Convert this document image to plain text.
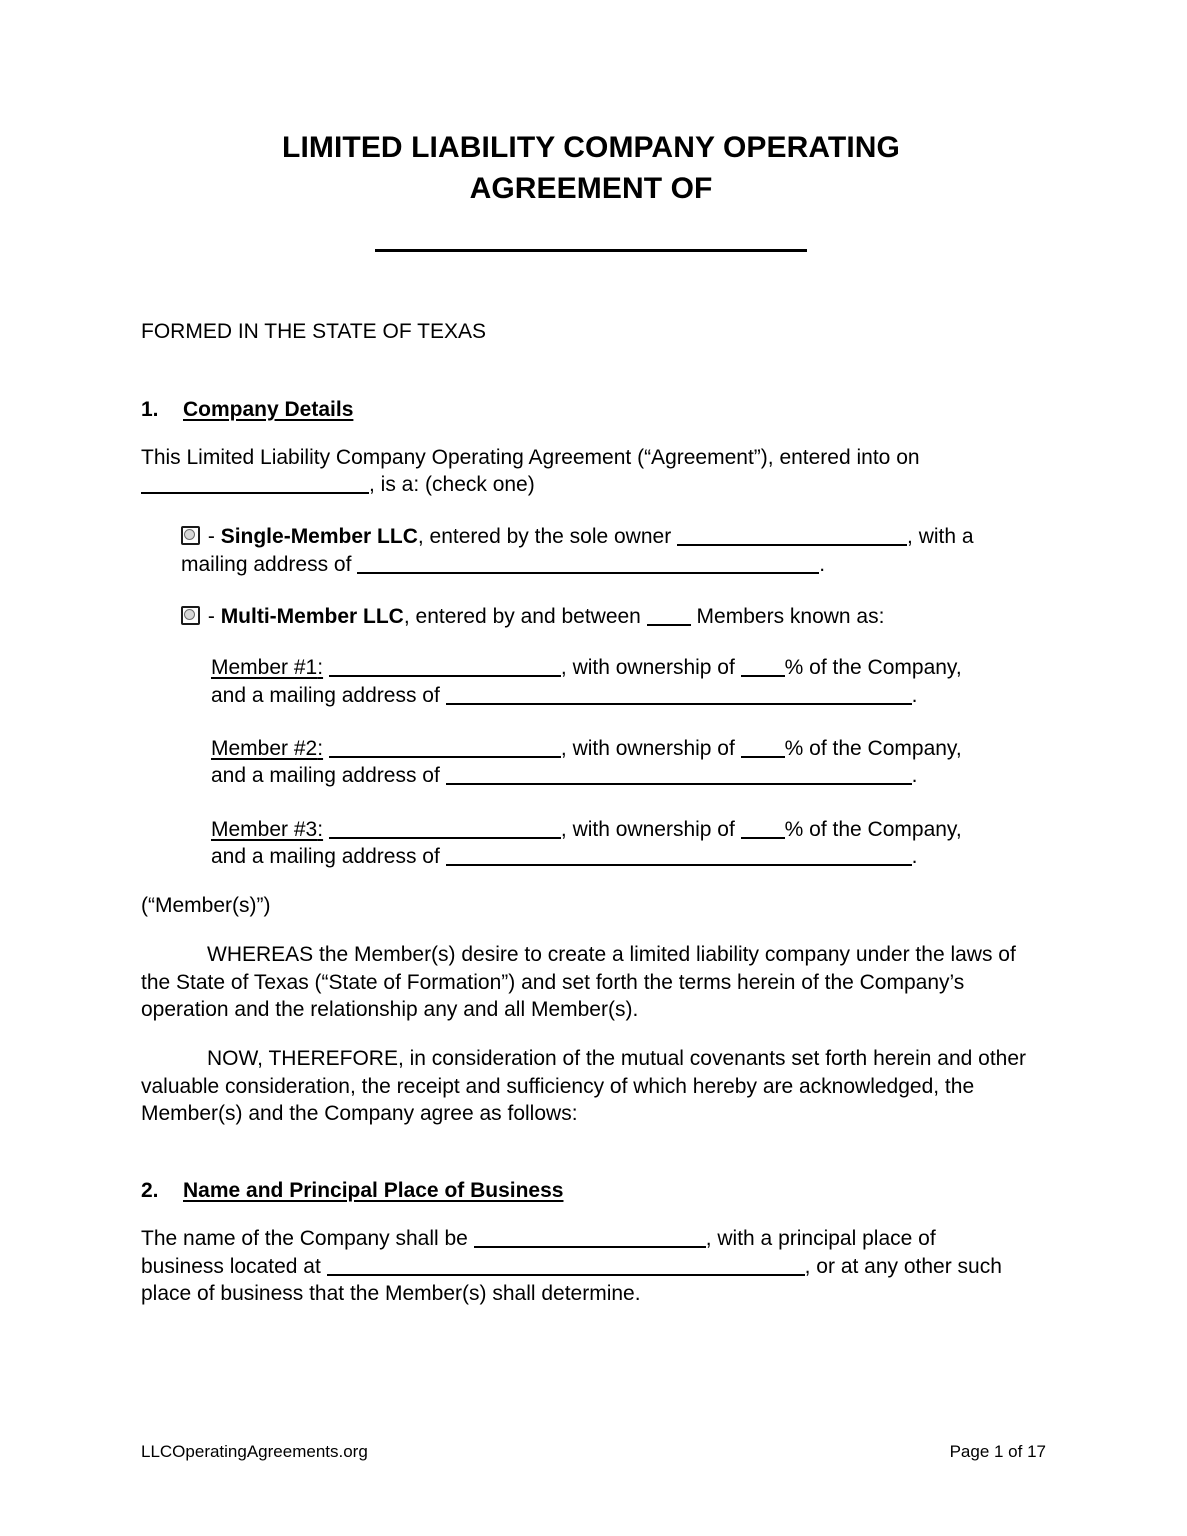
LIMITED LIABILITY COMPANY OPERATING
AGREEMENT OF
FORMED IN THE STATE OF TEXAS
1.	Company Details
This Limited Liability Company Operating Agreement (“Agreement”), entered into on
, is a: (check one)
- Single-Member LLC, entered by the sole owner	, with a
mailing address of	.
- Multi-Member LLC, entered by and between	Members known as:
Member #1:	, with ownership of % of the Company,
and a mailing address of	.
Member #2:	, with ownership of % of the Company,
and a mailing address of	.
Member #3:	, with ownership of % of the Company,
and a mailing address of	.
(“Member(s)”)
WHEREAS the Member(s) desire to create a limited liability company under the laws of the State of Texas (“State of Formation”) and set forth the terms herein of the Company’s operation and the relationship any and all Member(s).
NOW, THEREFORE, in consideration of the mutual covenants set forth herein and other valuable consideration, the receipt and sufficiency of which hereby are acknowledged, the Member(s) and the Company agree as follows:
2.	Name and Principal Place of Business
The name of the Company shall be	, with a principal place of
business located at	, or at any other such
place of business that the Member(s) shall determine.
LLCOperatingAgreements.org	Page 1 of 17
